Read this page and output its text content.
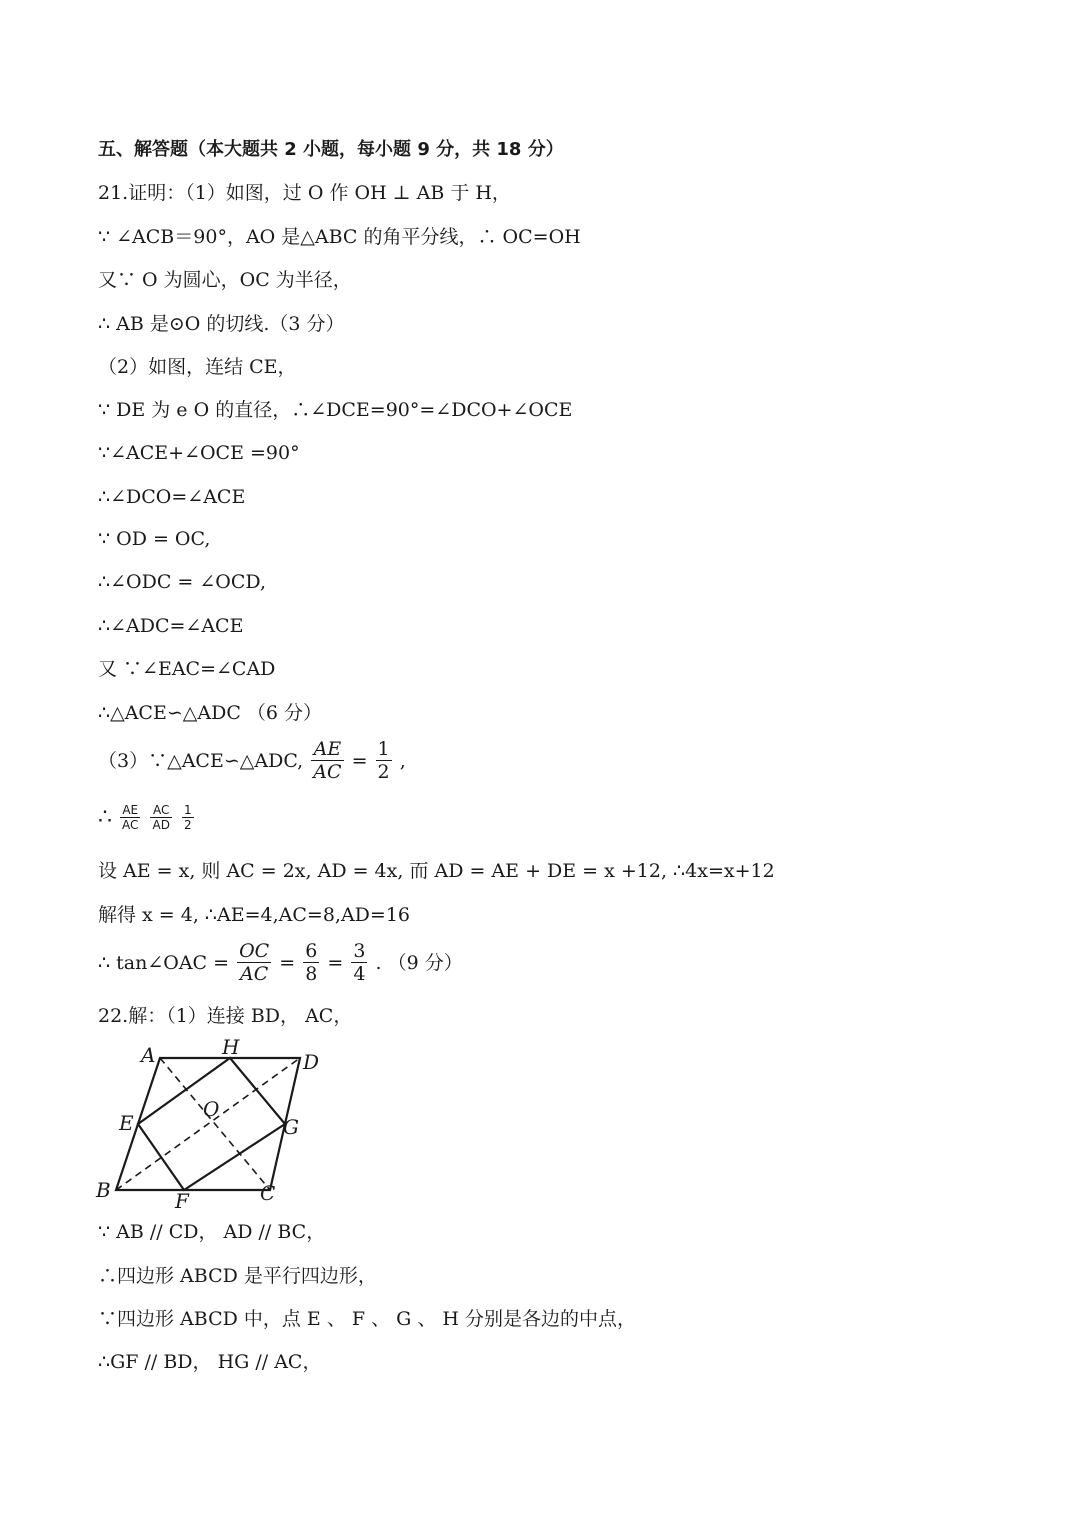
五、解答题（本大题共 2 小题，每小题 9 分，共 18 分）
21.证明：（1）如图，过 O 作 OH ⊥ AB 于 H，
∵ ∠ACB＝90°，AO 是△ABC 的角平分线，∴ OC=OH
又∵ O 为圆心，OC 为半径，
∴ AB 是⊙O 的切线.（3 分）
（2）如图，连结 CE，
∵ DE 为 e O 的直径，∴∠DCE=90°=∠DCO+∠OCE
∵∠ACE+∠OCE =90°
∴∠DCO=∠ACE
∵ OD = OC,
∴∠ODC = ∠OCD,
∴∠ADC=∠ACE
又 ∵∠EAC=∠CAD
∴△ACE∽△ADC （6 分）
（3）∵△ACE∽△ADC, $\frac{AE}{AC} = \frac{1}{2}$ ,
∴ $\frac{AE}{AC}$
$\frac{AC}{AD}$
$\frac{1}{2}$
设 AE = x, 则 AC = 2x, AD = 4x, 而 AD = AE + DE = x +12, ∴4x=x+12
解得 x = 4, ∴AE=4,AC=8,AD=16
∴ tan∠OAC = $\frac{OC}{AC} = \frac{6}{8} = \frac{3}{4}$ . （9 分）
22.解：（1）连接 BD， AC，
A	H
D
O
E	G
B	F	C
∵ AB // CD， AD // BC，
∴四边形 ABCD 是平行四边形，
∵四边形 ABCD 中，点 E 、 F 、 G 、 H 分别是各边的中点，
∴GF // BD， HG // AC，
